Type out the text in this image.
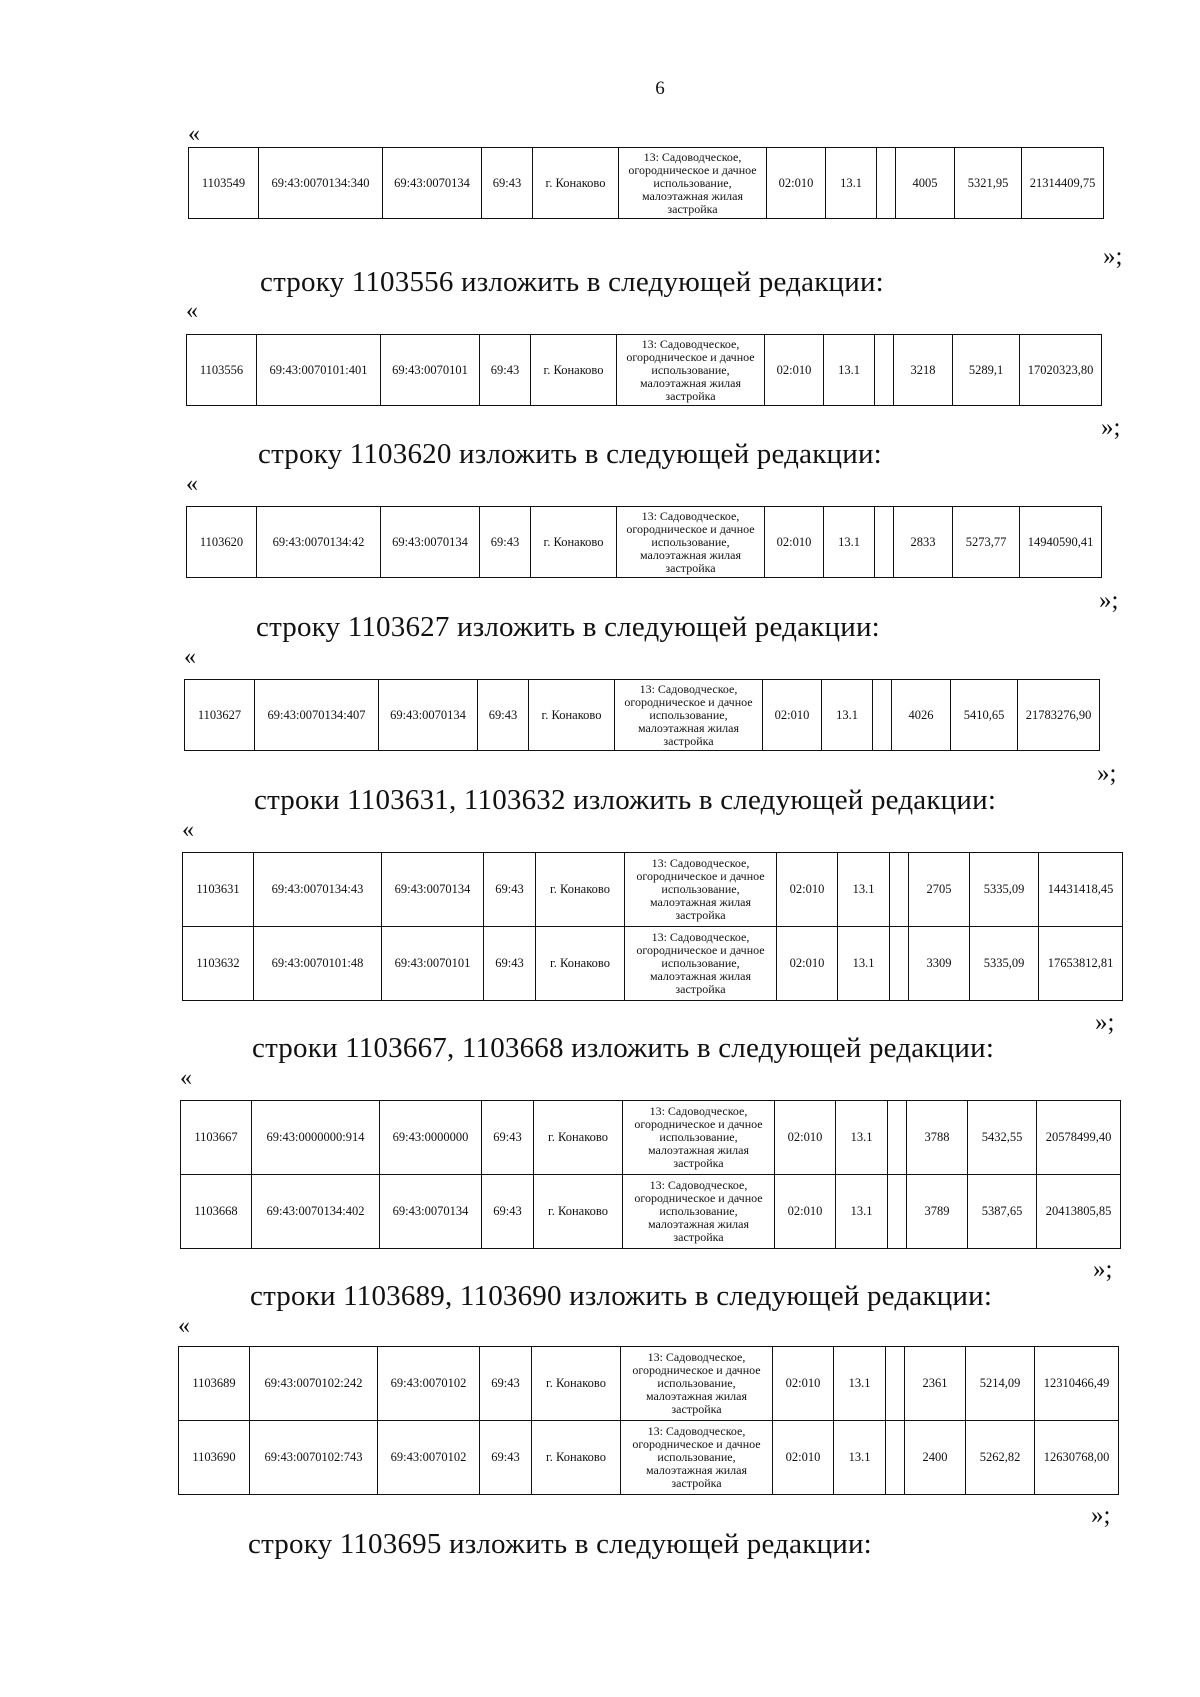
6
«
1103549	69:43:0070134:340	69:43:0070134	69:43	г. Конаково	13: Садоводческое, огородническое и дачное использование, малоэтажная жилая застройка	02:010	13.1		4005	5321,95	21314409,75
»;
строку 1103556 изложить в следующей редакции:
«
1103556	69:43:0070101:401	69:43:0070101	69:43	г. Конаково	13: Садоводческое, огородническое и дачное использование, малоэтажная жилая застройка	02:010	13.1		3218	5289,1	17020323,80
»;
строку 1103620 изложить в следующей редакции:
«
1103620	69:43:0070134:42	69:43:0070134	69:43	г. Конаково	13: Садоводческое, огородническое и дачное использование, малоэтажная жилая застройка	02:010	13.1		2833	5273,77	14940590,41
»;
строку 1103627 изложить в следующей редакции:
«
1103627	69:43:0070134:407	69:43:0070134	69:43	г. Конаково	13: Садоводческое, огородническое и дачное использование, малоэтажная жилая застройка	02:010	13.1		4026	5410,65	21783276,90
»;
строки 1103631, 1103632 изложить в следующей редакции:
«
1103631	69:43:0070134:43	69:43:0070134	69:43	г. Конаково	13: Садоводческое, огородническое и дачное использование, малоэтажная жилая застройка	02:010	13.1		2705	5335,09	14431418,45
1103632	69:43:0070101:48	69:43:0070101	69:43	г. Конаково	13: Садоводческое, огородническое и дачное использование, малоэтажная жилая застройка	02:010	13.1		3309	5335,09	17653812,81
»;
строки 1103667, 1103668 изложить в следующей редакции:
«
1103667	69:43:0000000:914	69:43:0000000	69:43	г. Конаково	13: Садоводческое, огородническое и дачное использование, малоэтажная жилая застройка	02:010	13.1		3788	5432,55	20578499,40
1103668	69:43:0070134:402	69:43:0070134	69:43	г. Конаково	13: Садоводческое, огородническое и дачное использование, малоэтажная жилая застройка	02:010	13.1		3789	5387,65	20413805,85
»;
строки 1103689, 1103690 изложить в следующей редакции:
«
1103689	69:43:0070102:242	69:43:0070102	69:43	г. Конаково	13: Садоводческое, огородническое и дачное использование, малоэтажная жилая застройка	02:010	13.1		2361	5214,09	12310466,49
1103690	69:43:0070102:743	69:43:0070102	69:43	г. Конаково	13: Садоводческое, огородническое и дачное использование, малоэтажная жилая застройка	02:010	13.1		2400	5262,82	12630768,00
»;
строку 1103695 изложить в следующей редакции:
